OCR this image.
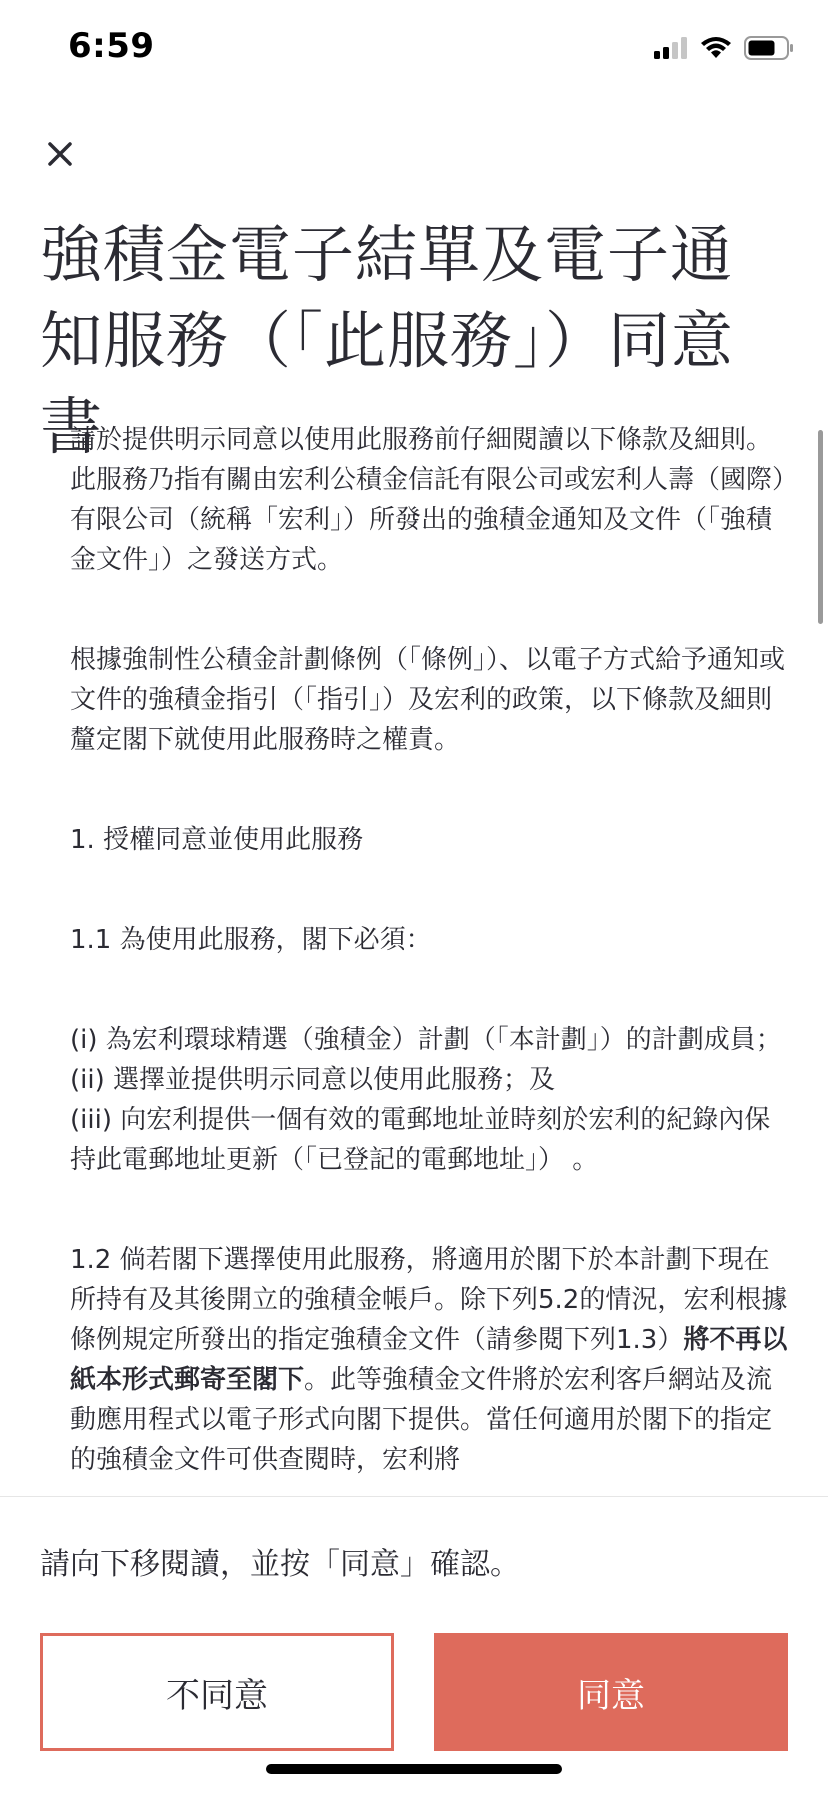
6:59
強積金電子結單及電子通知服務（「此服務」）同意書

請於提供明示同意以使用此服務前仔細閱讀以下條款及細則。此服務乃指有關由宏利公積金信託有限公司或宏利人壽（國際）有限公司（統稱「宏利」）所發出的強積金通知及文件（「強積金文件」）之發送方式。

根據強制性公積金計劃條例（「條例」）、以電子方式給予通知或文件的強積金指引（「指引」）及宏利的政策，以下條款及細則釐定閣下就使用此服務時之權責。

1. 授權同意並使用此服務

1.1 為使用此服務，閣下必須：

(i) 為宏利環球精選（強積金）計劃（「本計劃」）的計劃成員；
(ii) 選擇並提供明示同意以使用此服務；及
(iii) 向宏利提供一個有效的電郵地址並時刻於宏利的紀錄內保持此電郵地址更新（「已登記的電郵地址」） 。

1.2 倘若閣下選擇使用此服務，將適用於閣下於本計劃下現在所持有及其後開立的強積金帳戶。除下列5.2的情況，宏利根據條例規定所發出的指定強積金文件（請參閱下列1.3）將不再以紙本形式郵寄至閣下。此等強積金文件將於宏利客戶網站及流動應用程式以電子形式向閣下提供。當任何適用於閣下的指定的強積金文件可供查閱時，宏利將

請向下移閱讀，並按「同意」確認。

不同意	同意
